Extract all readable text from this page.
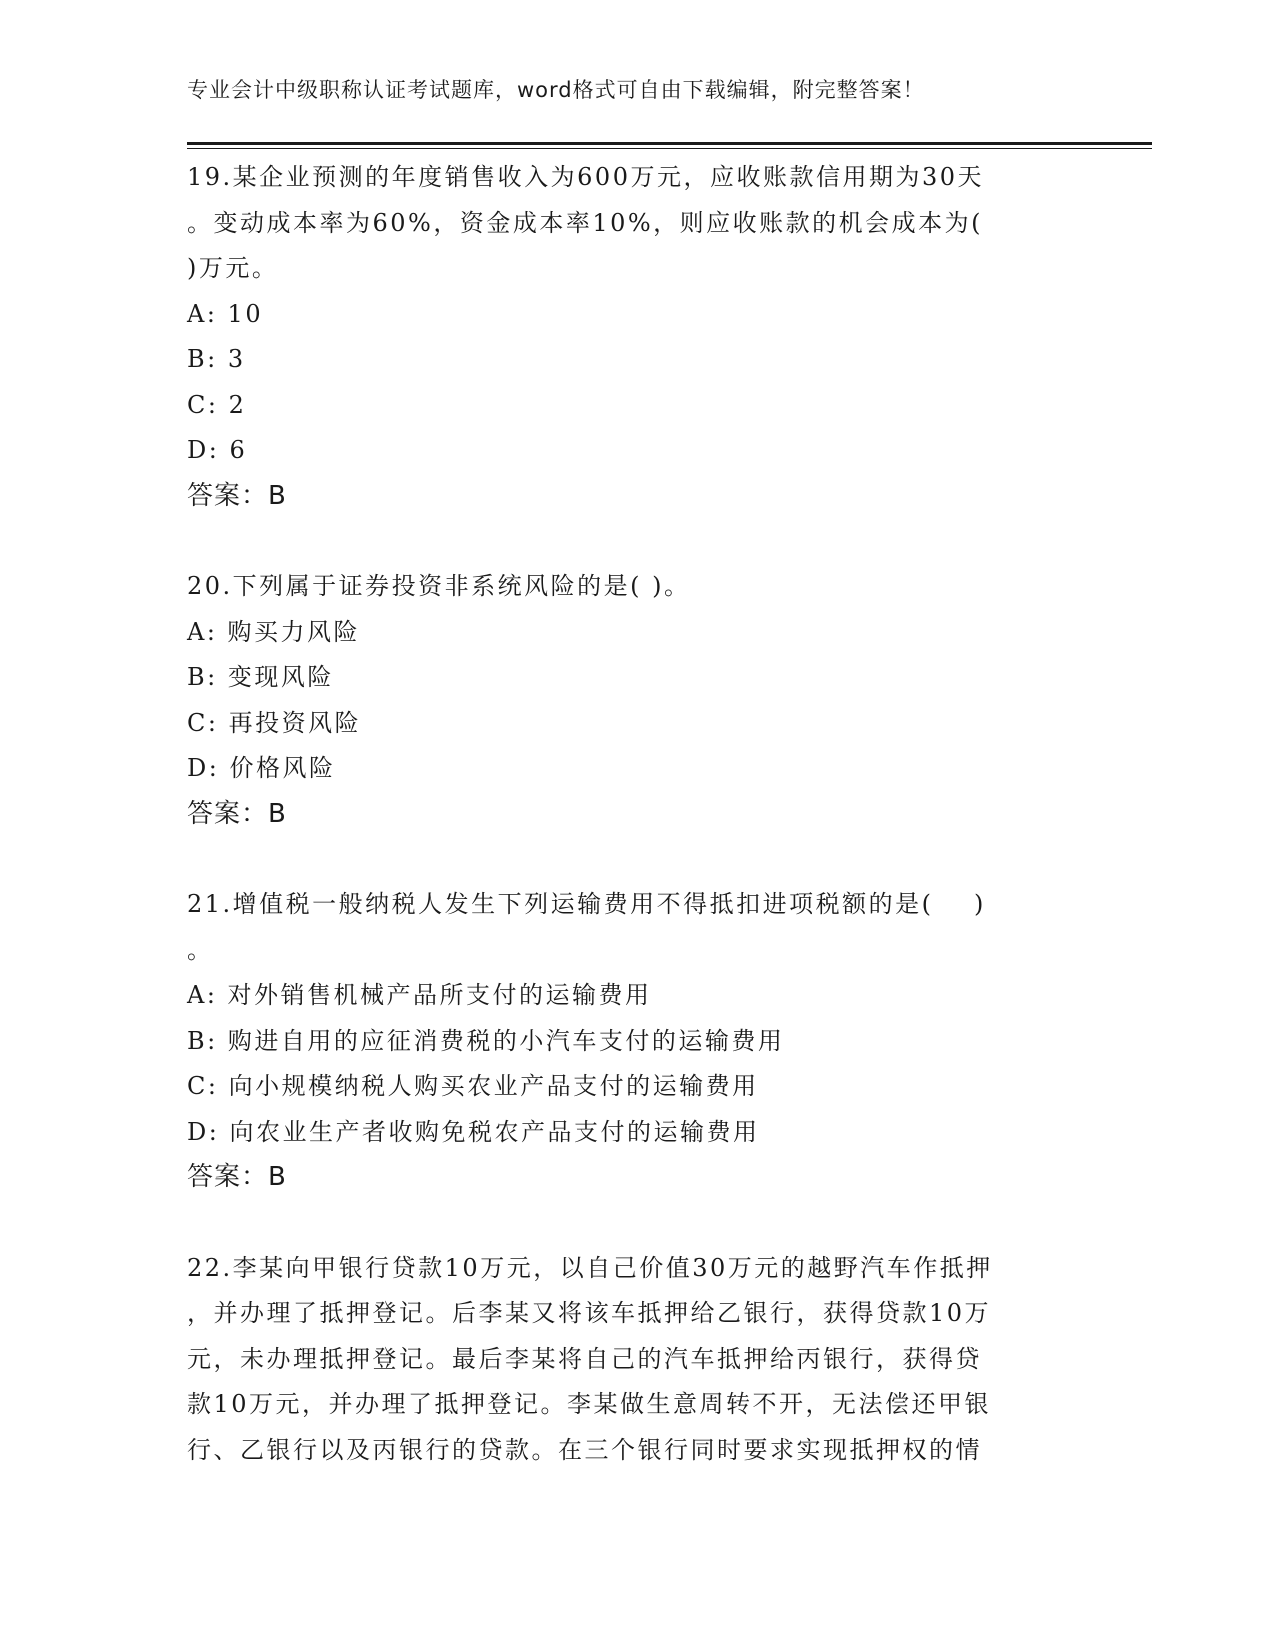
专业会计中级职称认证考试题库，word格式可自由下载编辑，附完整答案！
19.某企业预测的年度销售收入为600万元，应收账款信用期为30天
。变动成本率为60%，资金成本率10%，则应收账款的机会成本为(
)万元。
A: 10
B: 3
C: 2
D: 6
答案：B
20.下列属于证券投资非系统风险的是( )。
A: 购买力风险
B: 变现风险
C: 再投资风险
D: 价格风险
答案：B
21.增值税一般纳税人发生下列运输费用不得抵扣进项税额的是(    )
。
A: 对外销售机械产品所支付的运输费用
B: 购进自用的应征消费税的小汽车支付的运输费用
C: 向小规模纳税人购买农业产品支付的运输费用
D: 向农业生产者收购免税农产品支付的运输费用
答案：B
22.李某向甲银行贷款10万元，以自己价值30万元的越野汽车作抵押
，并办理了抵押登记。后李某又将该车抵押给乙银行，获得贷款10万
元，未办理抵押登记。最后李某将自己的汽车抵押给丙银行，获得贷
款10万元，并办理了抵押登记。李某做生意周转不开，无法偿还甲银
行、乙银行以及丙银行的贷款。在三个银行同时要求实现抵押权的情
